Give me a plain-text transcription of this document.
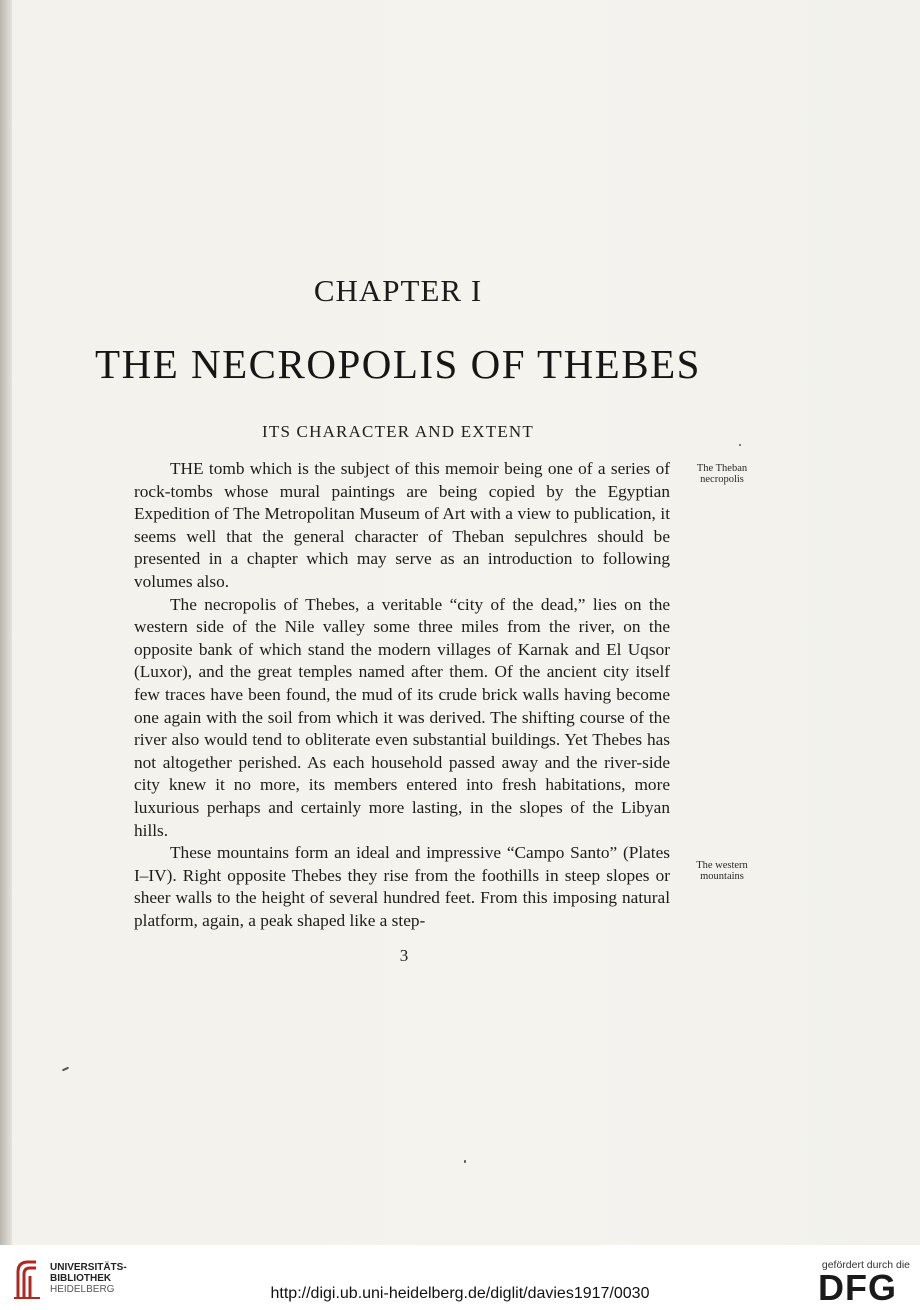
CHAPTER I
THE NECROPOLIS OF THEBES
ITS CHARACTER AND EXTENT
The Theban
necropolis

THE tomb which is the subject of this memoir being one of a series of rock-tombs whose mural paintings are being copied by the Egyptian Expedition of The Metropolitan Museum of Art with a view to publication, it seems well that the general character of Theban sepulchres should be presented in a chapter which may serve as an introduction to following volumes also.

The necropolis of Thebes, a veritable “city of the dead,” lies on the western side of the Nile valley some three miles from the river, on the opposite bank of which stand the modern villages of Karnak and El Uqsor (Luxor), and the great temples named after them. Of the ancient city itself few traces have been found, the mud of its crude brick walls having become one again with the soil from which it was derived. The shifting course of the river also would tend to obliterate even substantial buildings. Yet Thebes has not altogether perished. As each household passed away and the river-side city knew it no more, its members entered into fresh habitations, more luxurious perhaps and certainly more lasting, in the slopes of the Libyan hills.

These mountains form an ideal and impressive “Campo Santo” (Plates I–IV). Right opposite Thebes they rise from the foothills in steep slopes or sheer walls to the height of several hundred feet. From this imposing natural platform, again, a peak shaped like a step-

The western
mountains
3
UNIVERSITÄTS-
BIBLIOTHEK
HEIDELBERG	http://digi.ub.uni-heidelberg.de/diglit/davies1917/0030
gefördert durch die
DFG
